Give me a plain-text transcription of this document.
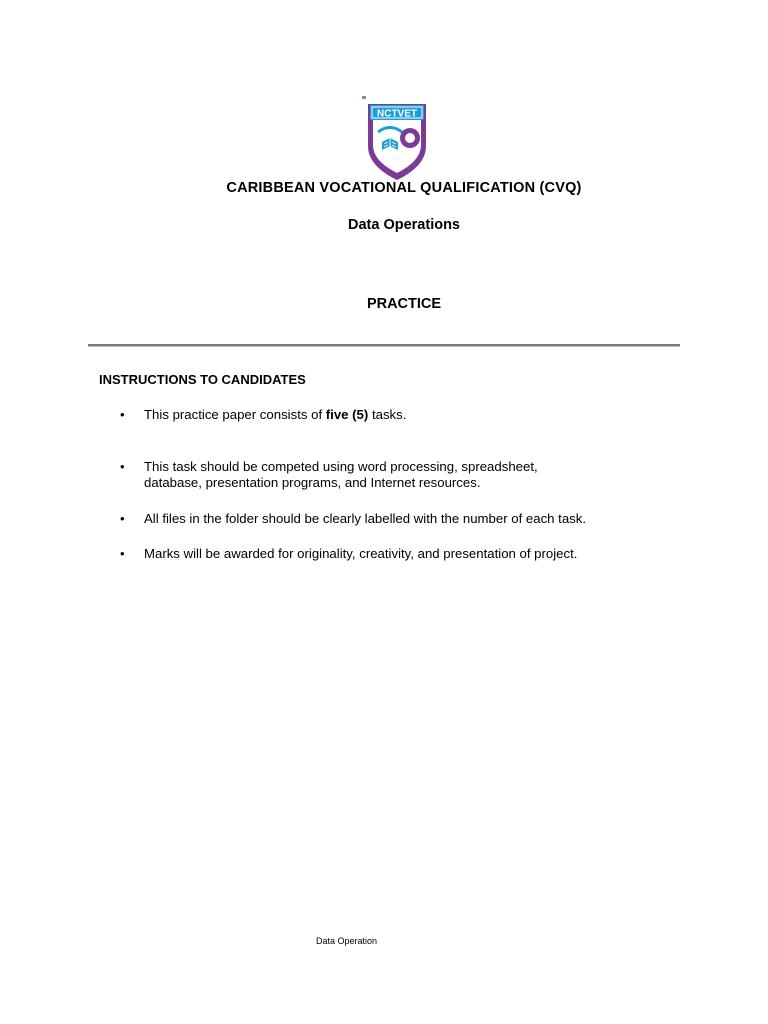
NCTVET
CARIBBEAN VOCATIONAL QUALIFICATION (CVQ)
Data Operations
PRACTICE
INSTRUCTIONS TO CANDIDATES
• This practice paper consists of five (5) tasks.
• This task should be competed using word processing, spreadsheet, database, presentation programs, and Internet resources.
• All files in the folder should be clearly labelled with the number of each task.
• Marks will be awarded for originality, creativity, and presentation of project.
Data Operation
